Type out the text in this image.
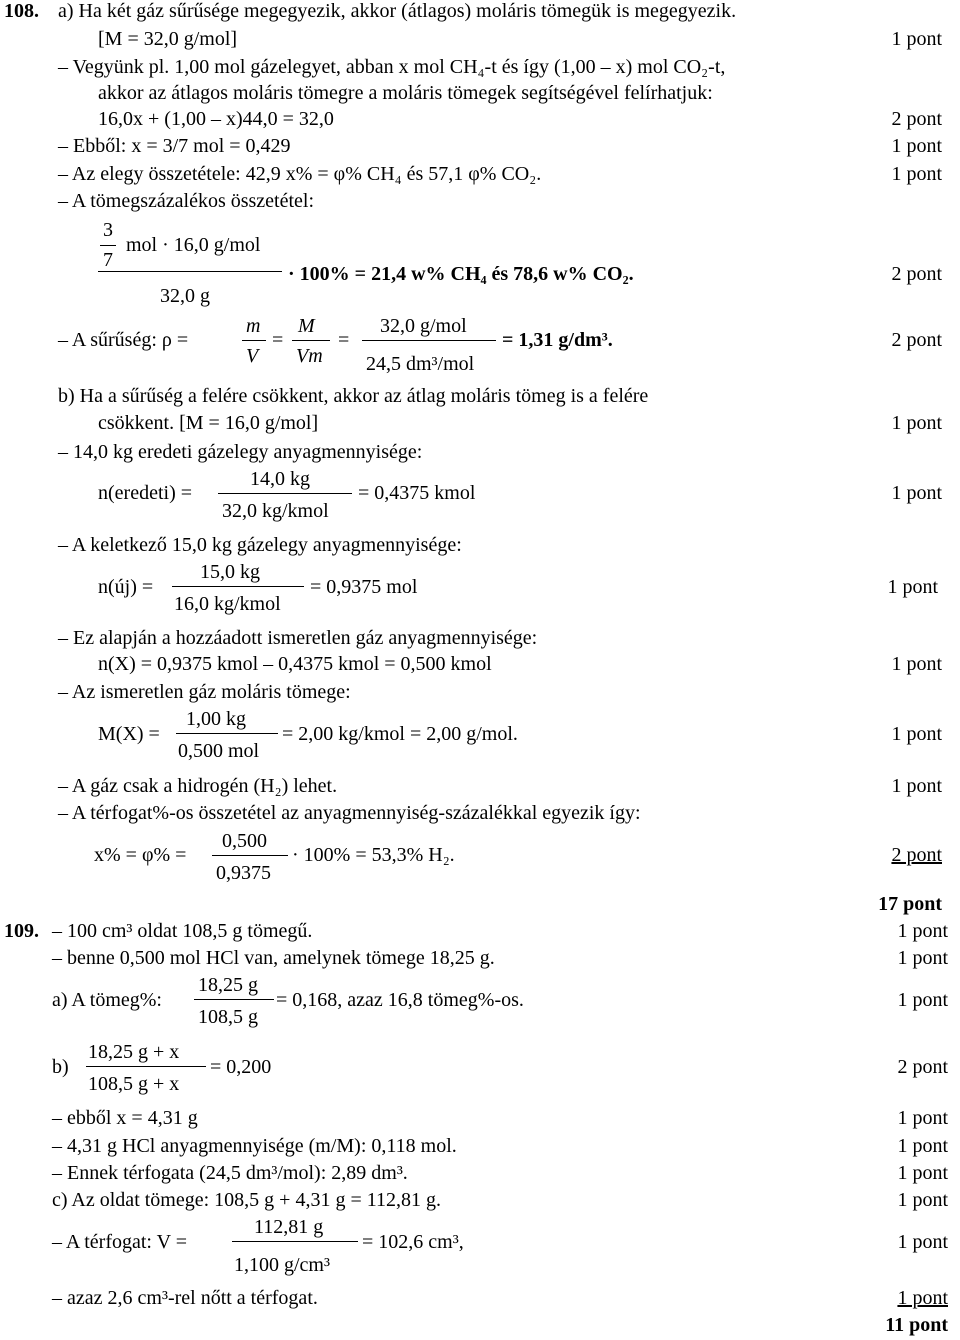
108. a) Ha két gáz sűrűsége megegyezik, akkor (átlagos) moláris tömegük is megegyezik.
[M = 32,0 g/mol]	1 pont
– Vegyünk pl. 1,00 mol gázelegyet, abban x mol CH₄-t és így (1,00 – x) mol CO₂-t,
akkor az átlagos moláris tömegre a moláris tömegek segítségével felírhatjuk:
16,0x + (1,00 – x)44,0 = 32,0	2 pont
– Ebből: x = 3/7 mol = 0,429	1 pont
– Az elegy összetétele: 42,9 x% = φ% CH₄ és 57,1 φ% CO₂.	1 pont
– A tömegszázalékos összetétel:
3
7
mol · 16,0 g/mol
32,0 g
· 100% = 21,4 w% CH₄ és 78,6 w% CO₂.	2 pont
– A sűrűség: ρ =
m
V
=
M
Vm
=
32,0 g/mol
24,5 dm³/mol
= 1,31 g/dm³.	2 pont
b) Ha a sűrűség a felére csökkent, akkor az átlag moláris tömeg is a felére
csökkent. [M = 16,0 g/mol]	1 pont
– 14,0 kg eredeti gázelegy anyagmennyisége:
n(eredeti) =
14,0 kg
32,0 kg/kmol
= 0,4375 kmol	1 pont
– A keletkező 15,0 kg gázelegy anyagmennyisége:
n(új) =
15,0 kg
16,0 kg/kmol
= 0,9375 mol	1 pont
– Ez alapján a hozzáadott ismeretlen gáz anyagmennyisége:
n(X) = 0,9375 kmol – 0,4375 kmol = 0,500 kmol	1 pont
– Az ismeretlen gáz moláris tömege:
M(X) =
1,00 kg
0,500 mol
= 2,00 kg/kmol = 2,00 g/mol.	1 pont
– A gáz csak a hidrogén (H₂) lehet.	1 pont
– A térfogat%-os összetétel az anyagmennyiség-százalékkal egyezik így:
x% = φ% =
0,500
0,9375
· 100% = 53,3% H₂.	2 pont
17 pont
109. – 100 cm³ oldat 108,5 g tömegű.	1 pont
– benne 0,500 mol HCl van, amelynek tömege 18,25 g.	1 pont
a) A tömeg%:
18,25 g
108,5 g
= 0,168, azaz 16,8 tömeg%-os.	1 pont
b)
18,25 g + x
108,5 g + x
= 0,200	2 pont
– ebből x = 4,31 g	1 pont
– 4,31 g HCl anyagmennyisége (m/M): 0,118 mol.	1 pont
– Ennek térfogata (24,5 dm³/mol): 2,89 dm³.	1 pont
c) Az oldat tömege: 108,5 g + 4,31 g = 112,81 g.	1 pont
– A térfogat: V =
112,81 g
1,100 g/cm³
= 102,6 cm³,	1 pont
– azaz 2,6 cm³-rel nőtt a térfogat.	1 pont
11 pont
